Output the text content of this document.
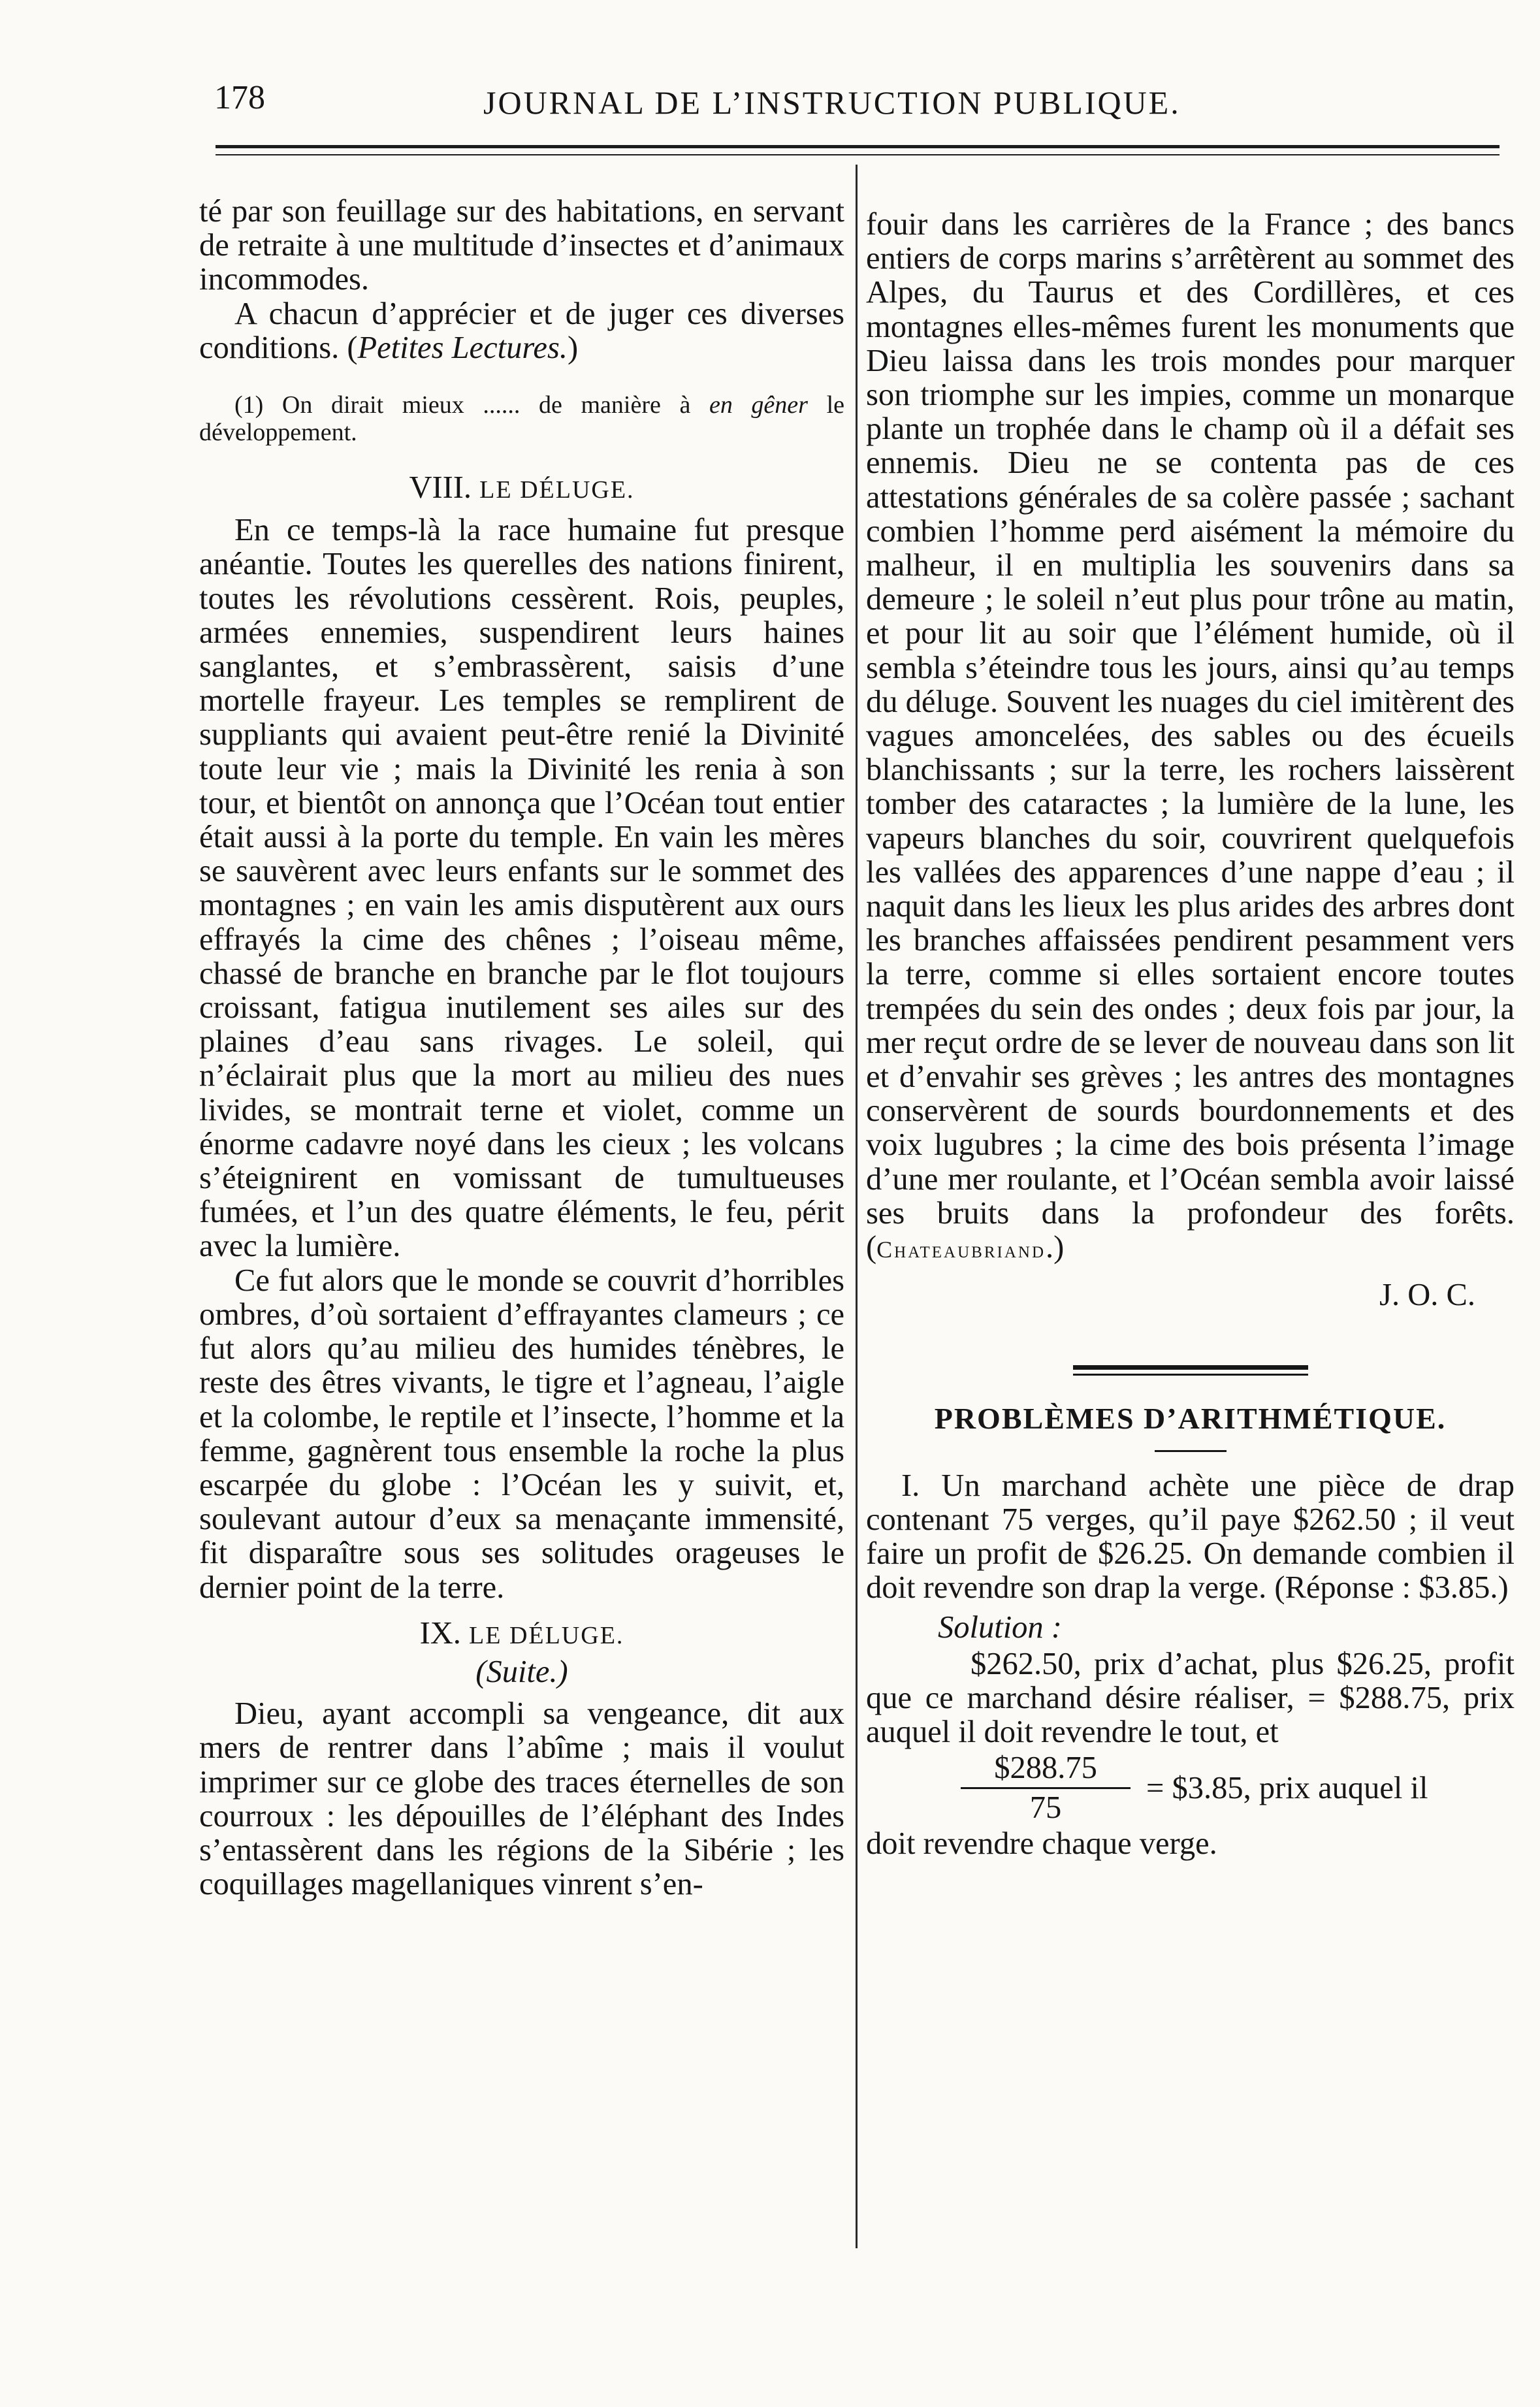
178	JOURNAL DE L’INSTRUCTION PUBLIQUE.

té par son feuillage sur des habitations, en servant de retraite à une multitude d’insectes et d’animaux incommodes.

A chacun d’apprécier et de juger ces diverses conditions. (Petites Lectures.)

(1) On dirait mieux ...... de manière à en gêner le développement.

VIII. LE DÉLUGE.

En ce temps-là la race humaine fut presque anéantie. Toutes les querelles des nations finirent, toutes les révolutions cessèrent. Rois, peuples, armées ennemies, suspendirent leurs haines sanglantes, et s’embrassèrent, saisis d’une mortelle frayeur. Les temples se remplirent de suppliants qui avaient peut-être renié la Divinité toute leur vie ; mais la Divinité les renia à son tour, et bientôt on annonça que l’Océan tout entier était aussi à la porte du temple. En vain les mères se sauvèrent avec leurs enfants sur le sommet des montagnes ; en vain les amis disputèrent aux ours effrayés la cime des chênes ; l’oiseau même, chassé de branche en branche par le flot toujours croissant, fatigua inutilement ses ailes sur des plaines d’eau sans rivages. Le soleil, qui n’éclairait plus que la mort au milieu des nues livides, se montrait terne et violet, comme un énorme cadavre noyé dans les cieux ; les volcans s’éteignirent en vomissant de tumultueuses fumées, et l’un des quatre éléments, le feu, périt avec la lumière.

Ce fut alors que le monde se couvrit d’horribles ombres, d’où sortaient d’effrayantes clameurs ; ce fut alors qu’au milieu des humides ténèbres, le reste des êtres vivants, le tigre et l’agneau, l’aigle et la colombe, le reptile et l’insecte, l’homme et la femme, gagnèrent tous ensemble la roche la plus escarpée du globe : l’Océan les y suivit, et, soulevant autour d’eux sa menaçante immensité, fit disparaître sous ses solitudes orageuses le dernier point de la terre.

IX. LE DÉLUGE.

(Suite.)

Dieu, ayant accompli sa vengeance, dit aux mers de rentrer dans l’abîme ; mais il voulut imprimer sur ce globe des traces éternelles de son courroux : les dépouilles de l’éléphant des Indes s’entassèrent dans les régions de la Sibérie ; les coquillages magellaniques vinrent s’en-

fouir dans les carrières de la France ; des bancs entiers de corps marins s’arrêtèrent au sommet des Alpes, du Taurus et des Cordillères, et ces montagnes elles-mêmes furent les monuments que Dieu laissa dans les trois mondes pour marquer son triomphe sur les impies, comme un monarque plante un trophée dans le champ où il a défait ses ennemis. Dieu ne se contenta pas de ces attestations générales de sa colère passée ; sachant combien l’homme perd aisément la mémoire du malheur, il en multiplia les souvenirs dans sa demeure ; le soleil n’eut plus pour trône au matin, et pour lit au soir que l’élément humide, où il sembla s’éteindre tous les jours, ainsi qu’au temps du déluge. Souvent les nuages du ciel imitèrent des vagues amoncelées, des sables ou des écueils blanchissants ; sur la terre, les rochers laissèrent tomber des cataractes ; la lumière de la lune, les vapeurs blanches du soir, couvrirent quelquefois les vallées des apparences d’une nappe d’eau ; il naquit dans les lieux les plus arides des arbres dont les branches affaissées pendirent pesamment vers la terre, comme si elles sortaient encore toutes trempées du sein des ondes ; deux fois par jour, la mer reçut ordre de se lever de nouveau dans son lit et d’envahir ses grèves ; les antres des montagnes conservèrent de sourds bourdonnements et des voix lugubres ; la cime des bois présenta l’image d’une mer roulante, et l’Océan sembla avoir laissé ses bruits dans la profondeur des forêts. (Chateaubriand.)

J. O. C.

PROBLÈMES D’ARITHMÉTIQUE.

I. Un marchand achète une pièce de drap contenant 75 verges, qu’il paye $262.50 ; il veut faire un profit de $26.25. On demande combien il doit revendre son drap la verge. (Réponse : $3.85.)

Solution :

$262.50, prix d’achat, plus $26.25, profit que ce marchand désire réaliser, = $288.75, prix auquel il doit revendre le tout, et

$\frac{\$288.75}{75}$ = $3.85, prix auquel il

doit revendre chaque verge.
